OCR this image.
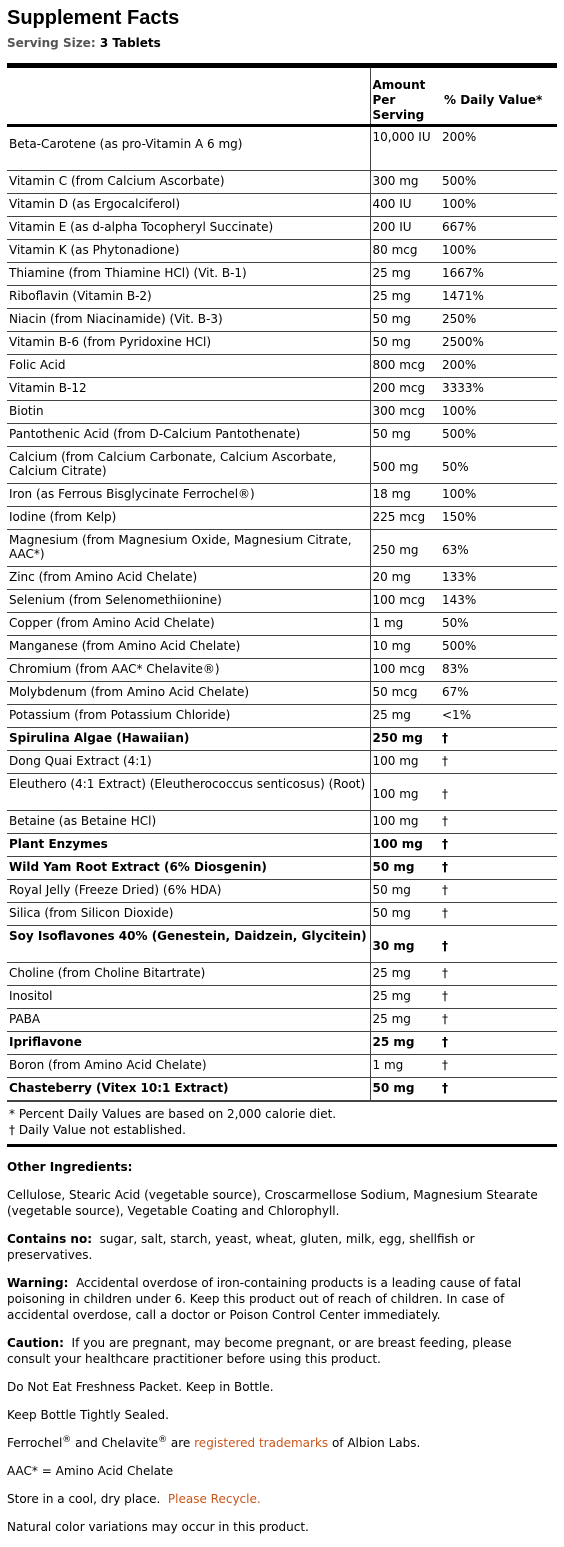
Supplement Facts
Serving Size: 3 Tablets
	Amount Per Serving	% Daily Value*

Beta-Carotene (as pro-Vitamin A 6 mg)	10,000 IU	200%
Vitamin C (from Calcium Ascorbate)	300 mg	500%
Vitamin D (as Ergocalciferol)	400 IU	100%
Vitamin E (as d-alpha Tocopheryl Succinate)	200 IU	667%
Vitamin K (as Phytonadione)	80 mcg	100%
Thiamine (from Thiamine HCl) (Vit. B-1)	25 mg	1667%
Riboflavin (Vitamin B-2)	25 mg	1471%
Niacin (from Niacinamide) (Vit. B-3)	50 mg	250%
Vitamin B-6 (from Pyridoxine HCl)	50 mg	2500%
Folic Acid	800 mcg	200%
Vitamin B-12	200 mcg	3333%
Biotin	300 mcg	100%
Pantothenic Acid (from D-Calcium Pantothenate)	50 mg	500%
Calcium (from Calcium Carbonate, Calcium Ascorbate, Calcium Citrate)	500 mg	50%
Iron (as Ferrous Bisglycinate Ferrochel®)	18 mg	100%
Iodine (from Kelp)	225 mcg	150%
Magnesium (from Magnesium Oxide, Magnesium Citrate, AAC*)	250 mg	63%
Zinc (from Amino Acid Chelate)	20 mg	133%
Selenium (from Selenomethiionine)	100 mcg	143%
Copper (from Amino Acid Chelate)	1 mg	50%
Manganese (from Amino Acid Chelate)	10 mg	500%
Chromium (from AAC* Chelavite®)	100 mcg	83%
Molybdenum (from Amino Acid Chelate)	50 mcg	67%
Potassium (from Potassium Chloride)	25 mg	<1%
Spirulina Algae (Hawaiian)	250 mg	†
Dong Quai Extract (4:1)	100 mg	†
Eleuthero (4:1 Extract) (Eleutherococcus senticosus) (Root)	100 mg	†
Betaine (as Betaine HCl)	100 mg	†
Plant Enzymes	100 mg	†
Wild Yam Root Extract (6% Diosgenin)	50 mg	†
Royal Jelly (Freeze Dried) (6% HDA)	50 mg	†
Silica (from Silicon Dioxide)	50 mg	†
Soy Isoflavones 40% (Genestein, Daidzein, Glycitein)	30 mg	†
Choline (from Choline Bitartrate)	25 mg	†
Inositol	25 mg	†
PABA	25 mg	†
Ipriflavone	25 mg	†
Boron (from Amino Acid Chelate)	1 mg	†
Chasteberry (Vitex 10:1 Extract)	50 mg	†
* Percent Daily Values are based on 2,000 calorie diet.
† Daily Value not established.

Other Ingredients:

Cellulose, Stearic Acid (vegetable source), Croscarmellose Sodium, Magnesium Stearate (vegetable source), Vegetable Coating and Chlorophyll.

Contains no: sugar, salt, starch, yeast, wheat, gluten, milk, egg, shellfish or preservatives.

Warning: Accidental overdose of iron-containing products is a leading cause of fatal poisoning in children under 6. Keep this product out of reach of children. In case of accidental overdose, call a doctor or Poison Control Center immediately.

Caution: If you are pregnant, may become pregnant, or are breast feeding, please consult your healthcare practitioner before using this product.

Do Not Eat Freshness Packet. Keep in Bottle.

Keep Bottle Tightly Sealed.

Ferrochel® and Chelavite® are registered trademarks of Albion Labs.

AAC* = Amino Acid Chelate

Store in a cool, dry place. Please Recycle.

Natural color variations may occur in this product.
